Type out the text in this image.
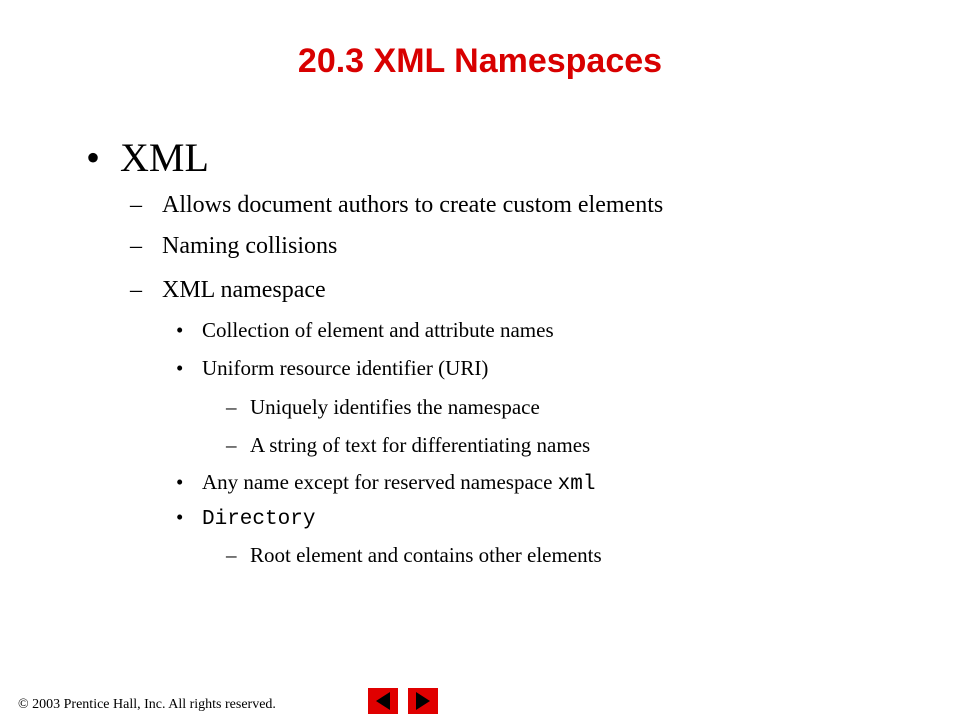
20.3 XML Namespaces
• XML
– Allows document authors to create custom elements
– Naming collisions
– XML namespace
• Collection of element and attribute names
• Uniform resource identifier (URI)
– Uniquely identifies the namespace
– A string of text for differentiating names
• Any name except for reserved namespace xml
• Directory
– Root element and contains other elements
© 2003 Prentice Hall, Inc. All rights reserved.
